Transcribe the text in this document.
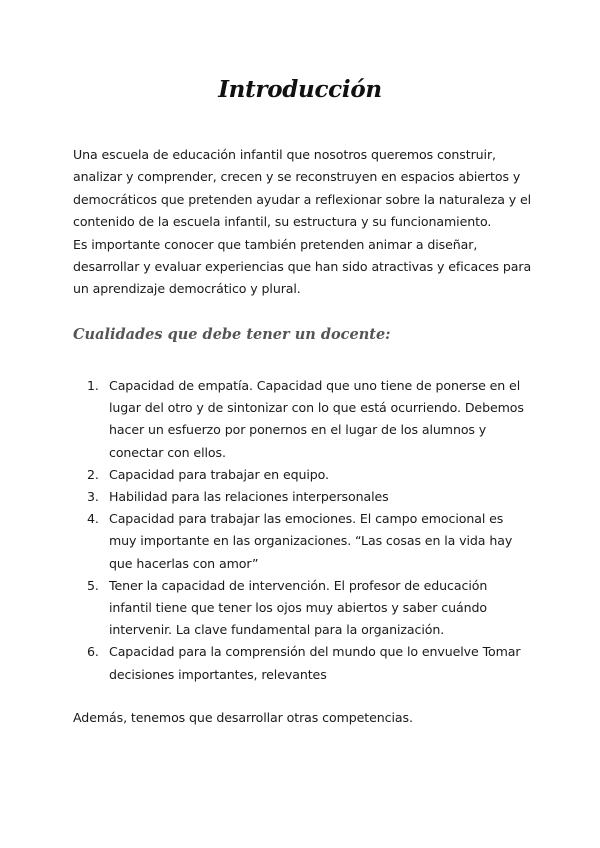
Introducción

Una escuela de educación infantil que nosotros queremos construir, analizar y comprender, crecen y se reconstruyen en espacios abiertos y democráticos que pretenden ayudar a reflexionar sobre la naturaleza y el contenido de la escuela infantil, su estructura y su funcionamiento.

Es importante conocer que también pretenden animar a diseñar, desarrollar y evaluar experiencias que han sido atractivas y eficaces para un aprendizaje democrático y plural.

Cualidades que debe tener un docente:
1. Capacidad de empatía. Capacidad que uno tiene de ponerse en el lugar del otro y de sintonizar con lo que está ocurriendo. Debemos hacer un esfuerzo por ponernos en el lugar de los alumnos y conectar con ellos.
2. Capacidad para trabajar en equipo.
3. Habilidad para las relaciones interpersonales
4. Capacidad para trabajar las emociones. El campo emocional es muy importante en las organizaciones. “Las cosas en la vida hay que hacerlas con amor”
5. Tener la capacidad de intervención. El profesor de educación infantil tiene que tener los ojos muy abiertos y saber cuándo intervenir. La clave fundamental para la organización.
6. Capacidad para la comprensión del mundo que lo envuelve Tomar decisiones importantes, relevantes

Además, tenemos que desarrollar otras competencias.
